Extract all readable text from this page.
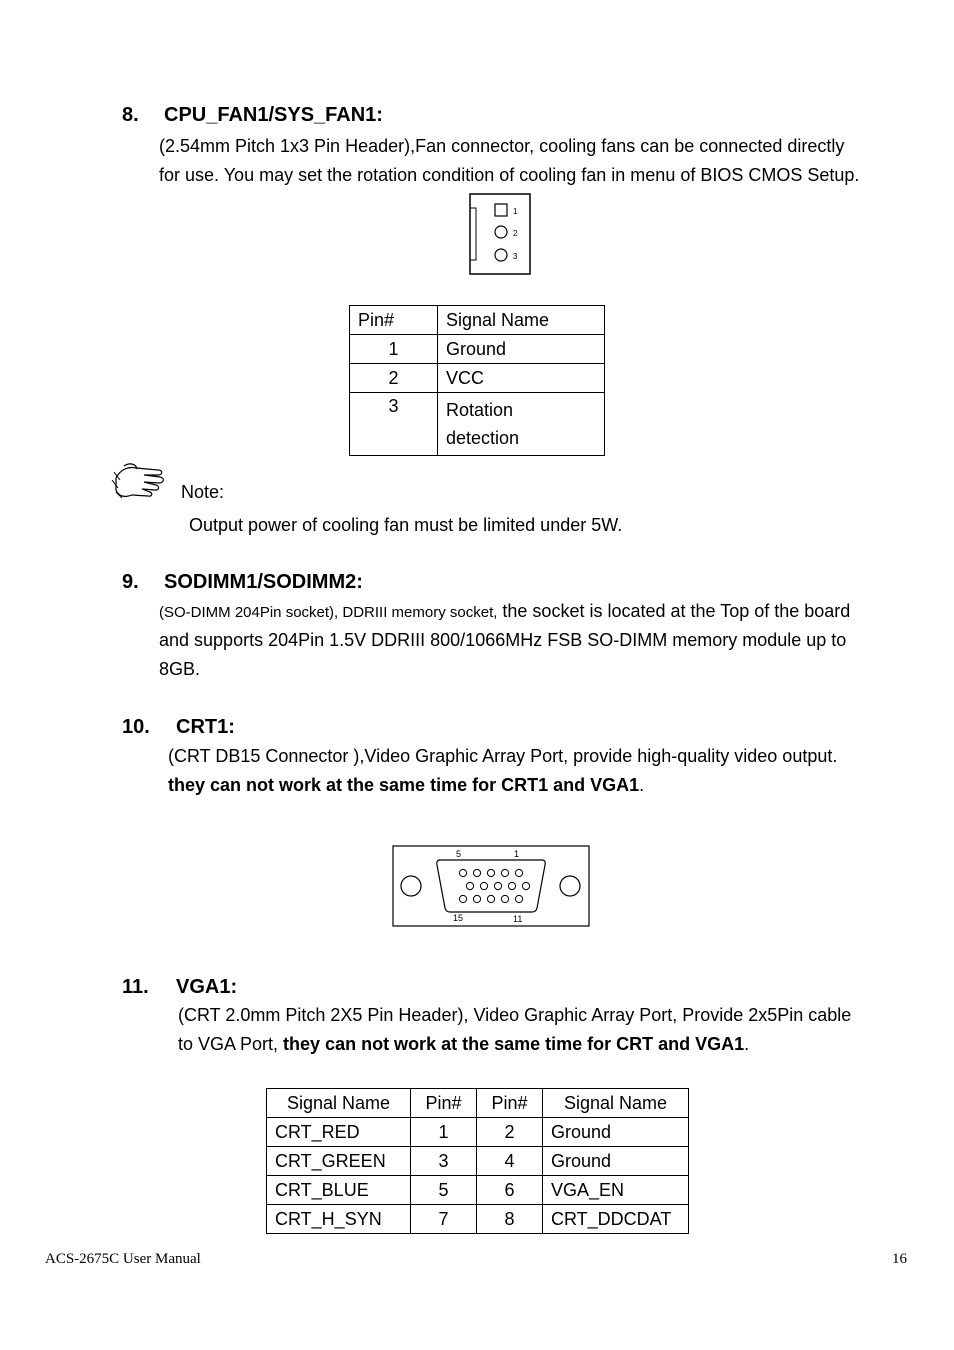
8. CPU_FAN1/SYS_FAN1:
(2.54mm Pitch 1x3 Pin Header),Fan connector, cooling fans can be connected directly
for use. You may set the rotation condition of cooling fan in menu of BIOS CMOS Setup.
1
2
3
Pin#	Signal Name
1	Ground
2	VCC
3	Rotation
detection
Note:
Output power of cooling fan must be limited under 5W.
9. SODIMM1/SODIMM2:
(SO-DIMM 204Pin socket), DDRIII memory socket, the socket is located at the Top of the board
and supports 204Pin 1.5V DDRIII 800/1066MHz FSB SO-DIMM memory module up to
8GB.
10. CRT1:
(CRT DB15 Connector ),Video Graphic Array Port, provide high-quality video output.
they can not work at the same time for CRT1 and VGA1.
5	1
15	11
11. VGA1:
(CRT 2.0mm Pitch 2X5 Pin Header), Video Graphic Array Port, Provide 2x5Pin cable
to VGA Port, they can not work at the same time for CRT and VGA1.
Signal Name	Pin#	Pin#	Signal Name
CRT_RED	1	2	Ground
CRT_GREEN	3	4	Ground
CRT_BLUE	5	6	VGA_EN
CRT_H_SYN	7	8	CRT_DDCDAT
ACS-2675C User Manual	16
